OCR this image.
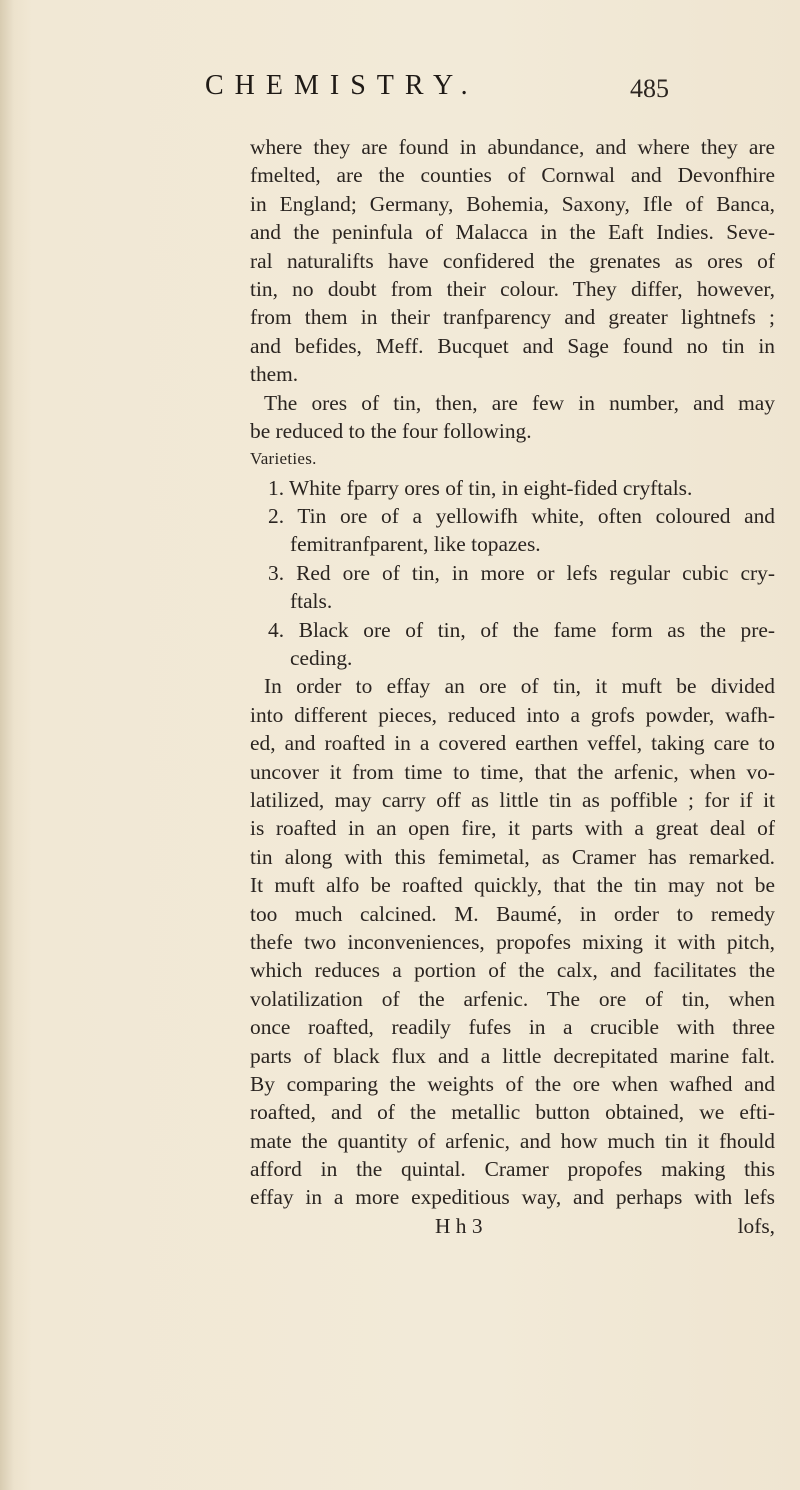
CHEMISTRY.	485
where they are found in abundance, and where they are
fmelted, are the counties of Cornwal and Devonfhire
in England; Germany, Bohemia, Saxony, Ifle of Banca,
and the peninfula of Malacca in the Eaft Indies. Seve-
ral naturalifts have confidered the grenates as ores of
tin, no doubt from their colour. They differ, however,
from them in their tranfparency and greater lightnefs ;
and befides, Meff. Bucquet and Sage found no tin in
them.
The ores of tin, then, are few in number, and may
be reduced to the four following.
Varieties.
1. White fparry ores of tin, in eight-fided cryftals.
2. Tin ore of a yellowifh white, often coloured and
femitranfparent, like topazes.
3. Red ore of tin, in more or lefs regular cubic cry-
ftals.
4. Black ore of tin, of the fame form as the pre-
ceding.
In order to effay an ore of tin, it muft be divided
into different pieces, reduced into a grofs powder, wafh-
ed, and roafted in a covered earthen veffel, taking care to
uncover it from time to time, that the arfenic, when vo-
latilized, may carry off as little tin as poffible ; for if it
is roafted in an open fire, it parts with a great deal of
tin along with this femimetal, as Cramer has remarked.
It muft alfo be roafted quickly, that the tin may not be
too much calcined. M. Baumé, in order to remedy
thefe two inconveniences, propofes mixing it with pitch,
which reduces a portion of the calx, and facilitates the
volatilization of the arfenic. The ore of tin, when
once roafted, readily fufes in a crucible with three
parts of black flux and a little decrepitated marine falt.
By comparing the weights of the ore when wafhed and
roafted, and of the metallic button obtained, we efti-
mate the quantity of arfenic, and how much tin it fhould
afford in the quintal. Cramer propofes making this
effay in a more expeditious way, and perhaps with lefs
H h 3	lofs,
